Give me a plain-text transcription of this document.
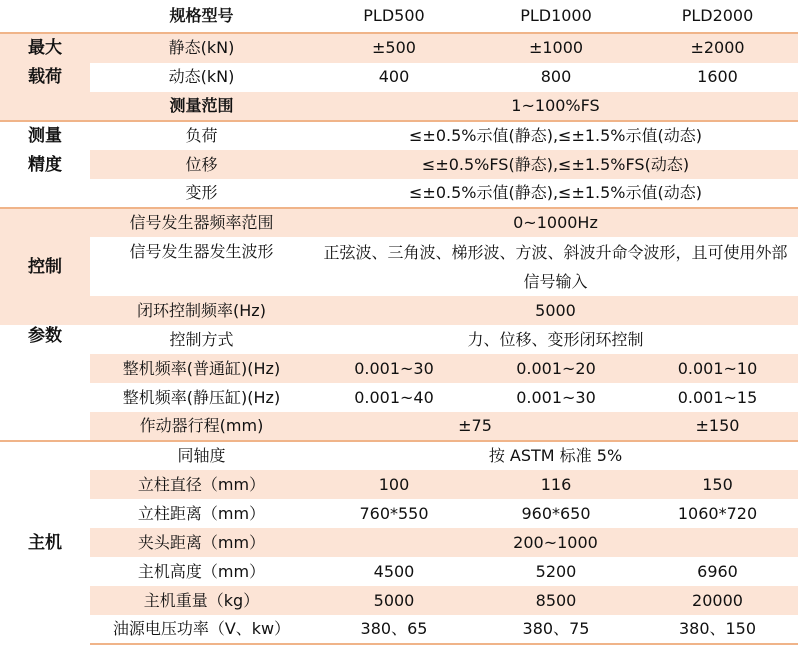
	规格型号	PLD500	PLD1000	PLD2000
最大
载荷	静态(kN)	±500	±1000	±2000
	动态(kN)	400	800	1600
	测量范围	1~100%FS		
测量
精度	负荷	≤±0.5%示值(静态),≤±1.5%示值(动态)		
	位移	≤±0.5%FS(静态),≤±1.5%FS(动态)		
	变形	≤±0.5%示值(静态),≤±1.5%示值(动态)		
控制	信号发生器频率范围	0~1000Hz		
	信号发生器发生波形	正弦波、三角波、梯形波、方波、斜波升命令波形，且可使用外部信号输入		
	闭环控制频率(Hz)	5000		
参数	控制方式	力、位移、变形闭环控制		
	整机频率(普通缸)(Hz)	0.001~30	0.001~20	0.001~10
	整机频率(静压缸)(Hz)	0.001~40	0.001~30	0.001~15
	作动器行程(mm)	±75		±150
主机	同轴度	按 ASTM 标准 5%		
	立柱直径（mm）	100	116	150
	立柱距离（mm）	760*550	960*650	1060*720
	夹头距离（mm）	200~1000		
	主机高度（mm）	4500	5200	6960
	主机重量（kg）	5000	8500	20000
	油源电压功率（V、kw）	380、65	380、75	380、150
